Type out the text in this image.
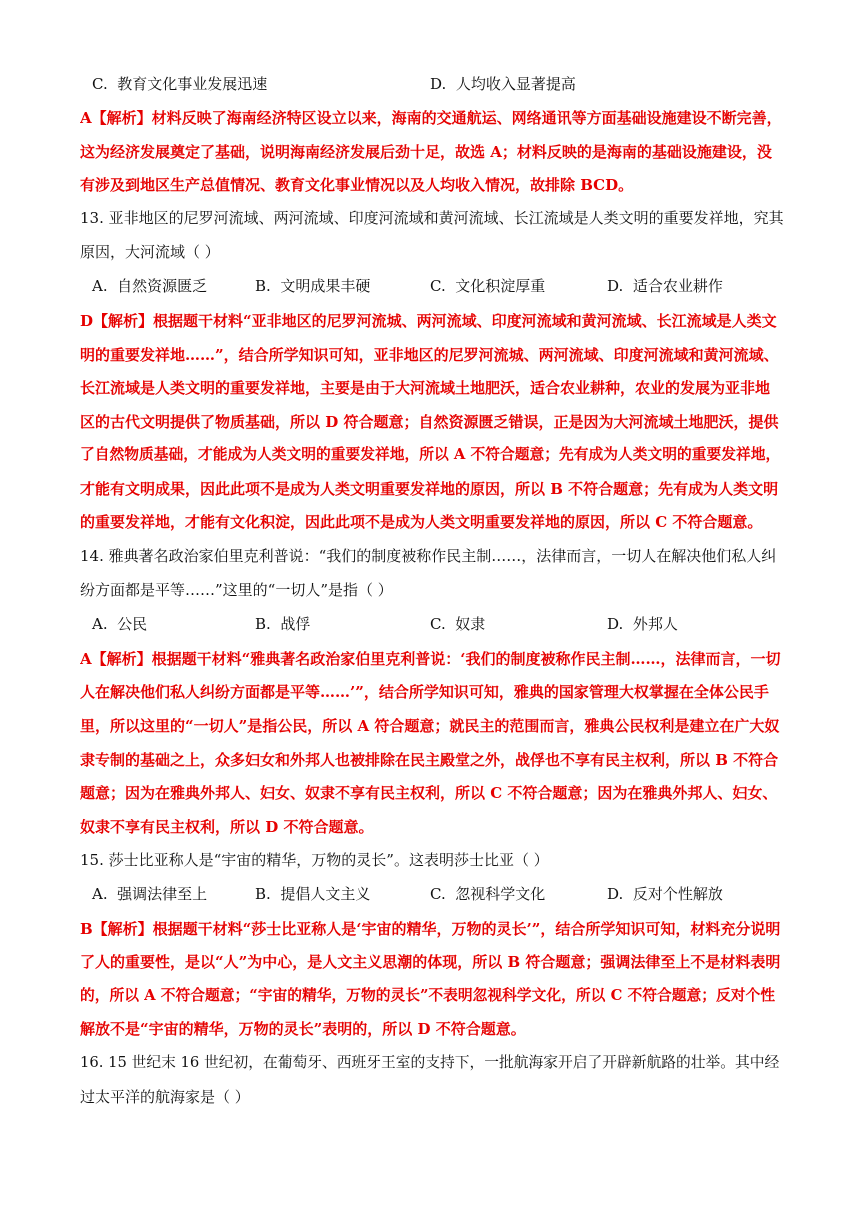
C. 教育文化事业发展迅速	D. 人均收入显著提高
A【解析】材料反映了海南经济特区设立以来，海南的交通航运、网络通讯等方面基础设施建设不断完善，
这为经济发展奠定了基础，说明海南经济发展后劲十足，故选 A；材料反映的是海南的基础设施建设，没
有涉及到地区生产总值情况、教育文化事业情况以及人均收入情况，故排除 BCD。
13. 亚非地区的尼罗河流域、两河流域、印度河流域和黄河流域、长江流域是人类文明的重要发祥地，究其
原因，大河流域（ ）
A. 自然资源匮乏	B. 文明成果丰硬	C. 文化积淀厚重	D. 适合农业耕作
D【解析】根据题干材料“亚非地区的尼罗河流城、两河流域、印度河流域和黄河流域、长江流域是人类文
明的重要发祥地……”，结合所学知识可知，亚非地区的尼罗河流城、两河流域、印度河流域和黄河流域、
长江流域是人类文明的重要发祥地，主要是由于大河流域土地肥沃，适合农业耕种，农业的发展为亚非地
区的古代文明提供了物质基础，所以 D 符合题意；自然资源匮乏错误，正是因为大河流域土地肥沃，提供
了自然物质基础，才能成为人类文明的重要发祥地，所以 A 不符合题意；先有成为人类文明的重要发祥地，
才能有文明成果，因此此项不是成为人类文明重要发祥地的原因，所以 B 不符合题意；先有成为人类文明
的重要发祥地，才能有文化积淀，因此此项不是成为人类文明重要发祥地的原因，所以 C 不符合题意。
14. 雅典著名政治家伯里克利普说：“我们的制度被称作民主制……，法律而言，一切人在解决他们私人纠
纷方面都是平等……”这里的“一切人”是指（ ）
A. 公民	B. 战俘	C. 奴隶	D. 外邦人
A【解析】根据题干材料“雅典著名政治家伯里克利普说：‘我们的制度被称作民主制……，法律而言，一切
人在解决他们私人纠纷方面都是平等……’”，结合所学知识可知，雅典的国家管理大权掌握在全体公民手
里，所以这里的“一切人”是指公民，所以 A 符合题意；就民主的范围而言，雅典公民权利是建立在广大奴
隶专制的基础之上，众多妇女和外邦人也被排除在民主殿堂之外，战俘也不享有民主权利，所以 B 不符合
题意；因为在雅典外邦人、妇女、奴隶不享有民主权利，所以 C 不符合题意；因为在雅典外邦人、妇女、
奴隶不享有民主权利，所以 D 不符合题意。
15. 莎士比亚称人是“宇宙的精华，万物的灵长”。这表明莎士比亚（ ）
A. 强调法律至上	B. 提倡人文主义	C. 忽视科学文化	D. 反对个性解放
B【解析】根据题干材料“莎士比亚称人是‘宇宙的精华，万物的灵长’”，结合所学知识可知，材料充分说明
了人的重要性，是以“人”为中心，是人文主义思潮的体现，所以 B 符合题意；强调法律至上不是材料表明
的，所以 A 不符合题意；“宇宙的精华，万物的灵长”不表明忽视科学文化，所以 C 不符合题意；反对个性
解放不是“宇宙的精华，万物的灵长”表明的，所以 D 不符合题意。
16. 15 世纪末 16 世纪初，在葡萄牙、西班牙王室的支持下，一批航海家开启了开辟新航路的壮举。其中经
过太平洋的航海家是（ ）
